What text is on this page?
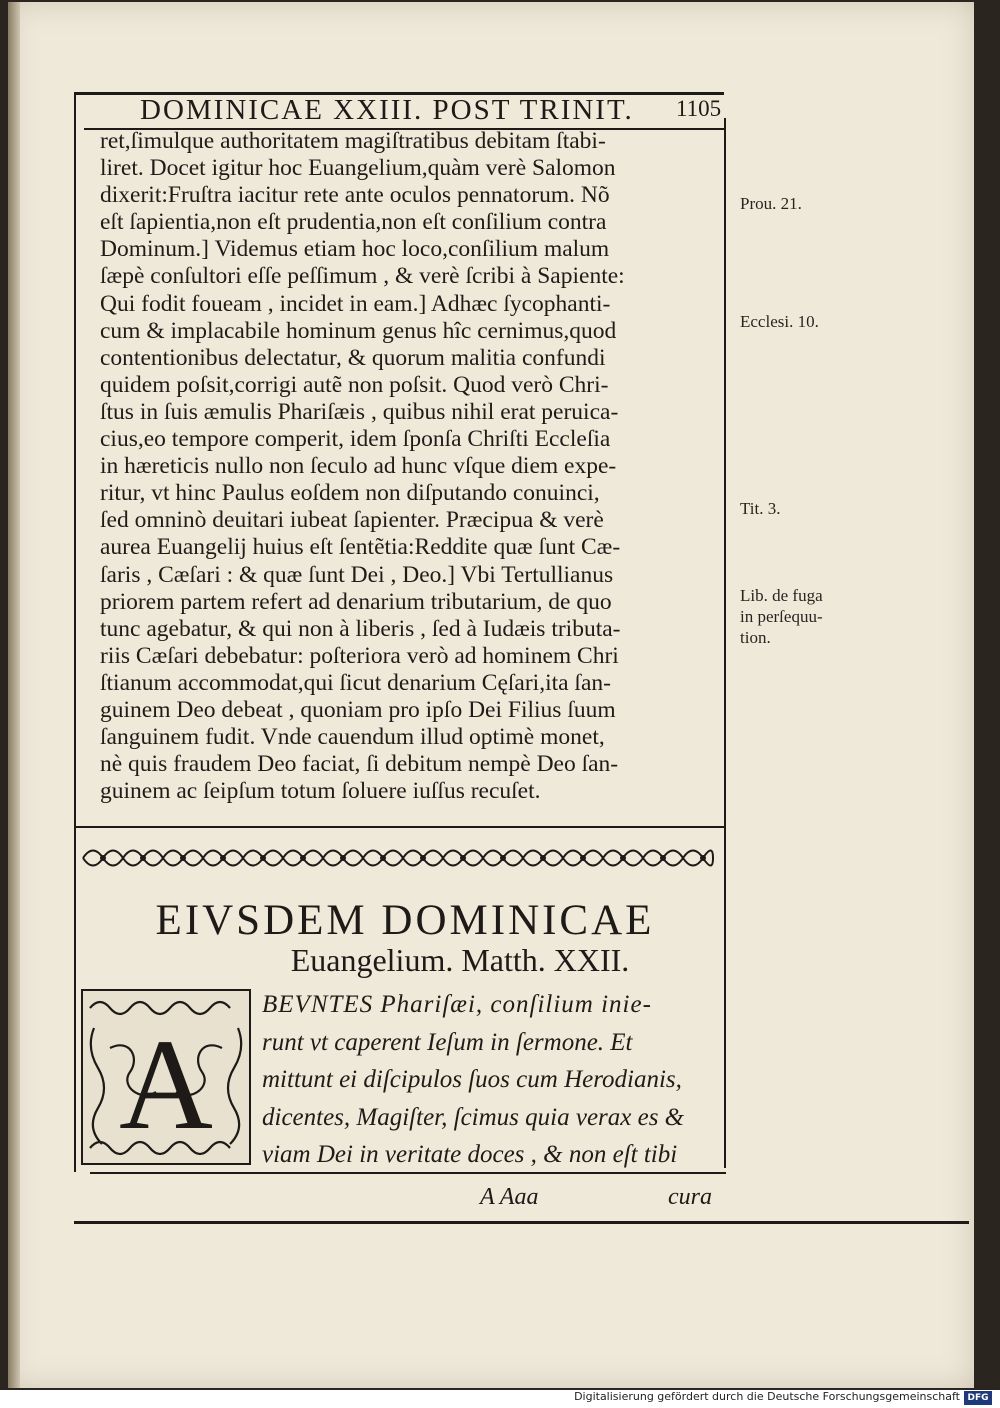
DOMINICAE XXIII. POST TRINIT.	1105
ret,ſimulque authoritatem magiſtratibus debitam ſtabi-
liret. Docet igitur hoc Euangelium,quàm verè Salomon
dixerit:Fruſtra iacitur rete ante oculos pennatorum. Nõ
eſt ſapientia,non eſt prudentia,non eſt conſilium contra
Dominum.] Videmus etiam hoc loco,conſilium malum
ſæpè conſultori eſſe peſſimum , & verè ſcribi à Sapiente:
Qui fodit foueam , incidet in eam.] Adhæc ſycophanti-
cum & implacabile hominum genus hîc cernimus,quod
contentionibus delectatur, & quorum malitia confundi
quidem poſsit,corrigi autẽ non poſsit. Quod verò Chri-
ſtus in ſuis æmulis Phariſæis , quibus nihil erat peruica-
cius,eo tempore comperit, idem ſponſa Chriſti Eccleſia
in hæreticis nullo non ſeculo ad hunc vſque diem expe-
ritur, vt hinc Paulus eoſdem non diſputando conuinci,
ſed omninò deuitari iubeat ſapienter. Præcipua & verè
aurea Euangelij huius eſt ſentẽtia:Reddite quæ ſunt Cæ-
ſaris , Cæſari : & quæ ſunt Dei , Deo.] Vbi Tertullianus
priorem partem refert ad denarium tributarium, de quo
tunc agebatur, & qui non à liberis , ſed à Iudæis tributa-
riis Cæſari debebatur: poſteriora verò ad hominem Chri
ſtianum accommodat,qui ſicut denarium Cęſari,ita ſan-
guinem Deo debeat , quoniam pro ipſo Dei Filius ſuum
ſanguinem fudit. Vnde cauendum illud optimè monet,
nè quis fraudem Deo faciat, ſi debitum nempè Deo ſan-
guinem ac ſeipſum totum ſoluere iuſſus recuſet.
Prou. 21.
Ecclesi. 10.
Tit. 3.
Lib. de fuga
in perſequu-
tion.
EIVSDEM DOMINICAE
Euangelium. Matth. XXII.
A
BEVNTES Phariſæi, conſilium inie-
runt vt caperent Ieſum in ſermone. Et
mittunt ei diſcipulos ſuos cum Herodianis,
dicentes, Magiſter, ſcimus quia verax es &
viam Dei in veritate doces , & non eſt tibi
A Aaa	cura
Digitalisierung gefördert durch die Deutsche Forschungsgemeinschaft DFG
